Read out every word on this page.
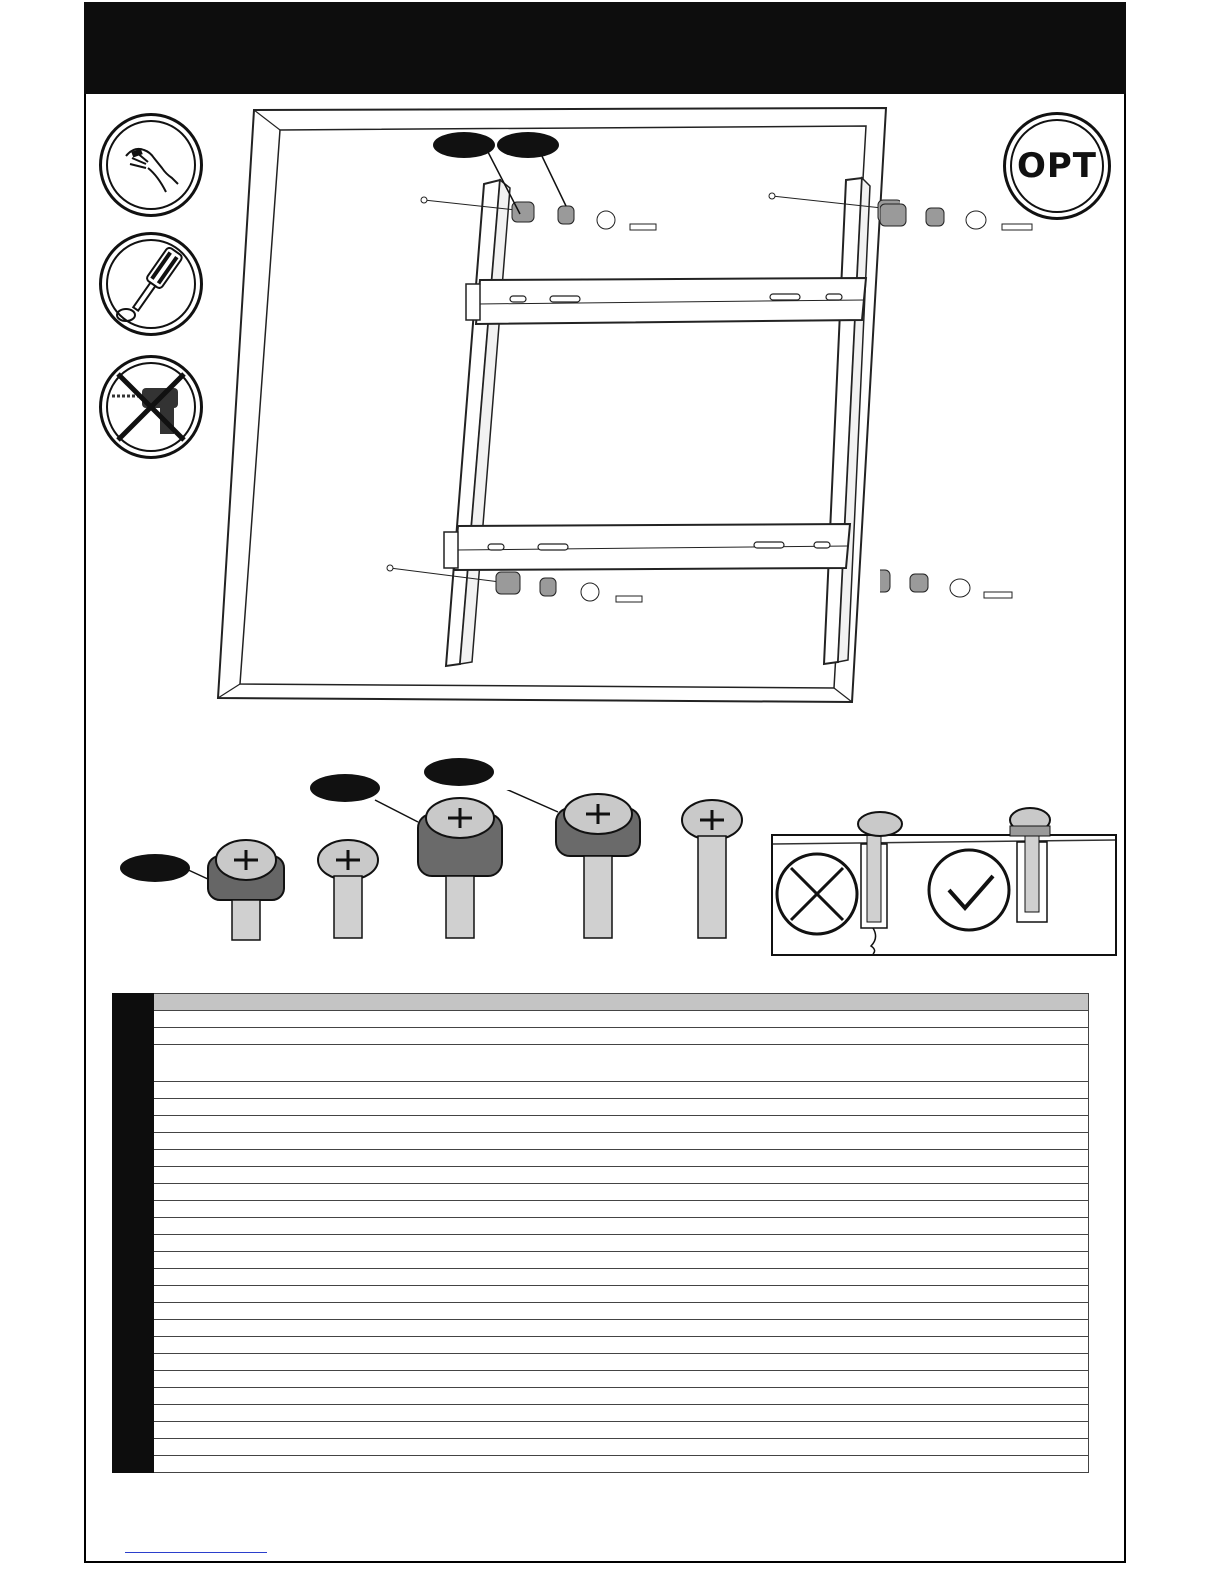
OPT
